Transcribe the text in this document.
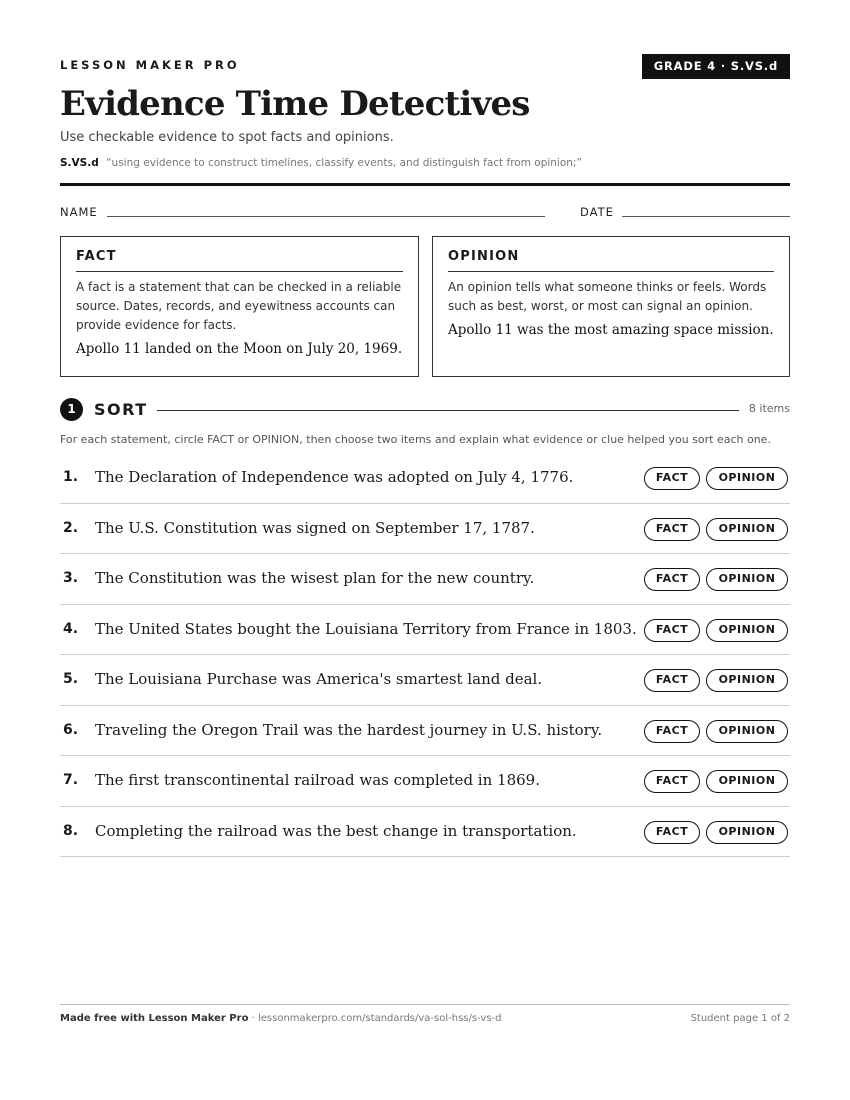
LESSON MAKER PRO	GRADE 4 · S.VS.d
Evidence Time Detectives
Use checkable evidence to spot facts and opinions.
S.VS.d “using evidence to construct timelines, classify events, and distinguish fact from opinion;”
NAME	DATE
FACT
A fact is a statement that can be checked in a reliable source. Dates, records, and eyewitness accounts can provide evidence for facts.
Apollo 11 landed on the Moon on July 20, 1969.
OPINION
An opinion tells what someone thinks or feels. Words such as best, worst, or most can signal an opinion.
Apollo 11 was the most amazing space mission.
1	SORT	8 items
For each statement, circle FACT or OPINION, then choose two items and explain what evidence or clue helped you sort each one.
1. The Declaration of Independence was adopted on July 4, 1776.	FACT	OPINION
2. The U.S. Constitution was signed on September 17, 1787.	FACT	OPINION
3. The Constitution was the wisest plan for the new country.	FACT	OPINION
4. The United States bought the Louisiana Territory from France in 1803.	FACT	OPINION
5. The Louisiana Purchase was America's smartest land deal.	FACT	OPINION
6. Traveling the Oregon Trail was the hardest journey in U.S. history.	FACT	OPINION
7. The first transcontinental railroad was completed in 1869.	FACT	OPINION
8. Completing the railroad was the best change in transportation.	FACT	OPINION
Made free with Lesson Maker Pro · lessonmakerpro.com/standards/va-sol-hss/s-vs-d	Student page 1 of 2
